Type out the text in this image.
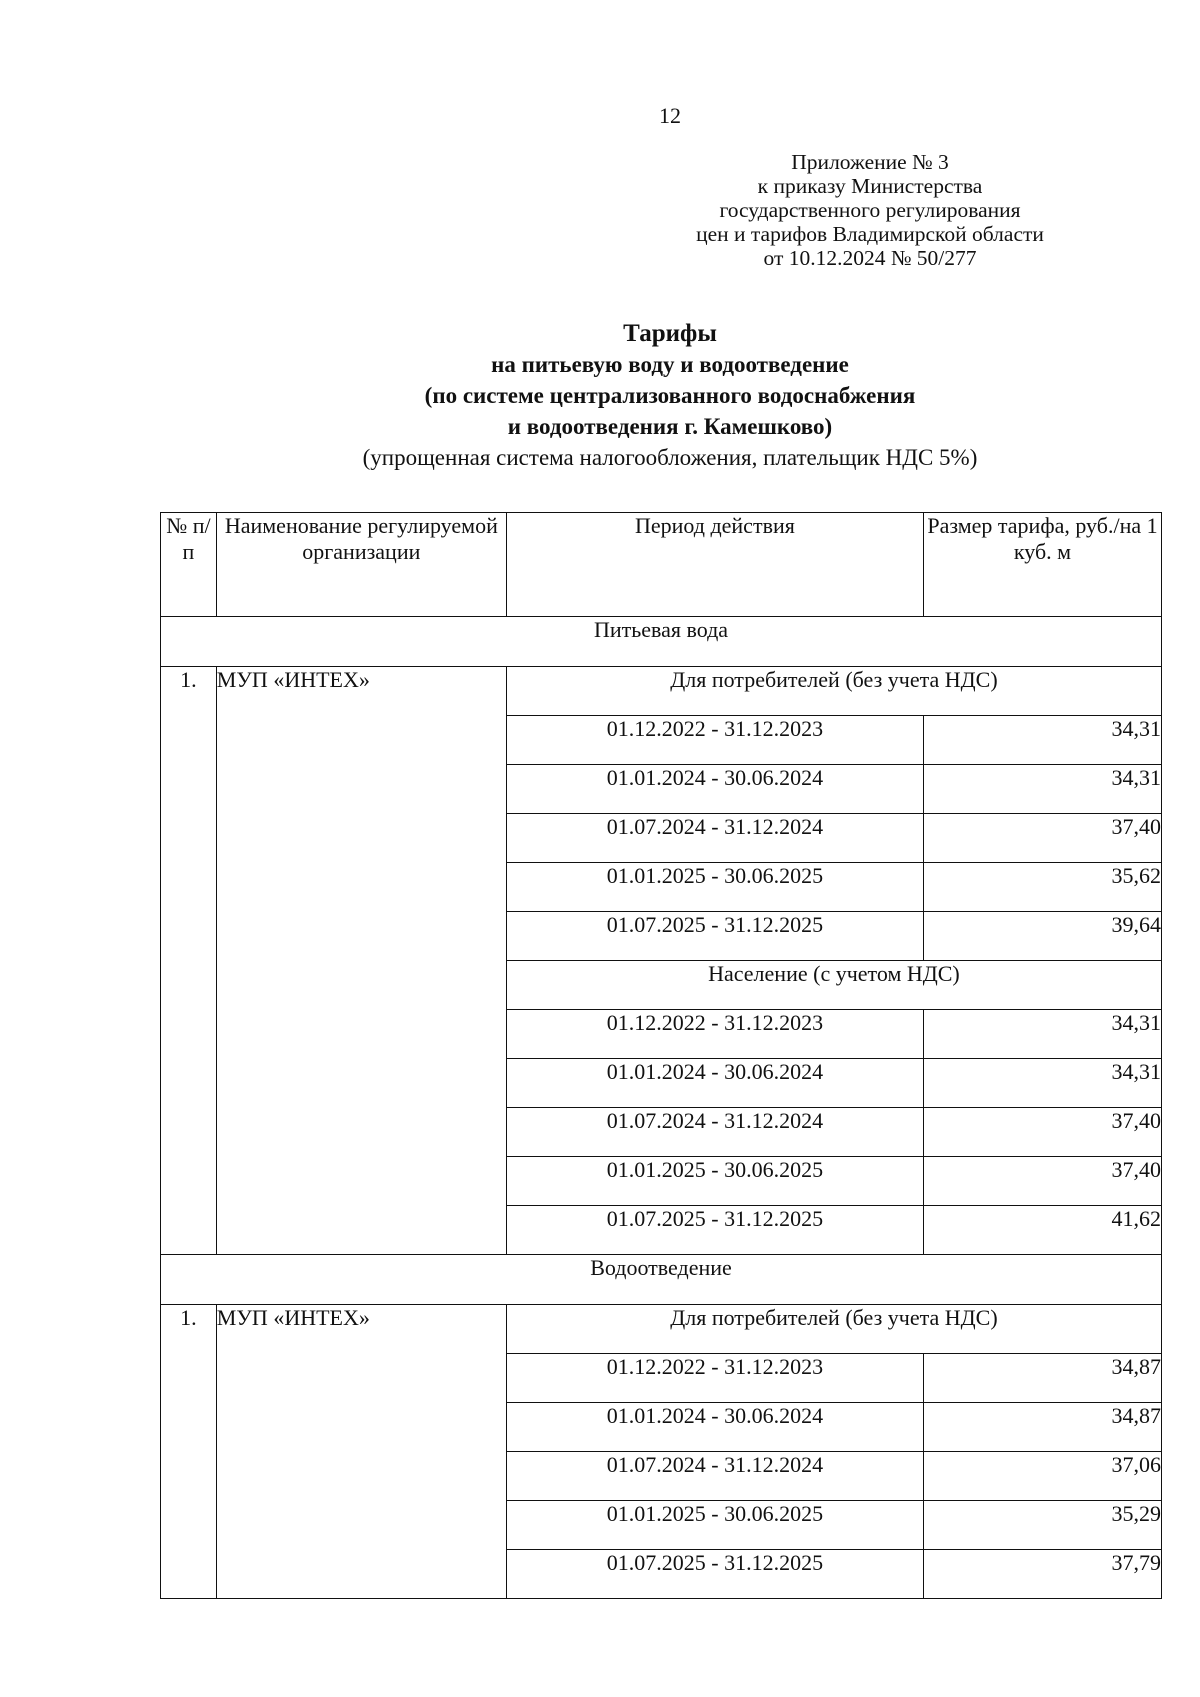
12
Приложение № 3
к приказу Министерства
государственного регулирования
цен и тарифов Владимирской области
от 10.12.2024 № 50/277
Тарифы
на питьевую воду и водоотведение
(по системе централизованного водоснабжения
и водоотведения г. Камешково)
(упрощенная система налогообложения, плательщик НДС 5%)
№ п/п	Наименование регулируемой организации	Период действия	Размер тарифа, руб./на 1 куб. м
Питьевая вода			
1.	МУП «ИНТЕХ»	Для потребителей (без учета НДС)	
		01.12.2022 - 31.12.2023	34,31
		01.01.2024 - 30.06.2024	34,31
		01.07.2024 - 31.12.2024	37,40
		01.01.2025 - 30.06.2025	35,62
		01.07.2025 - 31.12.2025	39,64
		Население (с учетом НДС)	
		01.12.2022 - 31.12.2023	34,31
		01.01.2024 - 30.06.2024	34,31
		01.07.2024 - 31.12.2024	37,40
		01.01.2025 - 30.06.2025	37,40
		01.07.2025 - 31.12.2025	41,62
Водоотведение			
1.	МУП «ИНТЕХ»	Для потребителей (без учета НДС)	
		01.12.2022 - 31.12.2023	34,87
		01.01.2024 - 30.06.2024	34,87
		01.07.2024 - 31.12.2024	37,06
		01.01.2025 - 30.06.2025	35,29
		01.07.2025 - 31.12.2025	37,79
